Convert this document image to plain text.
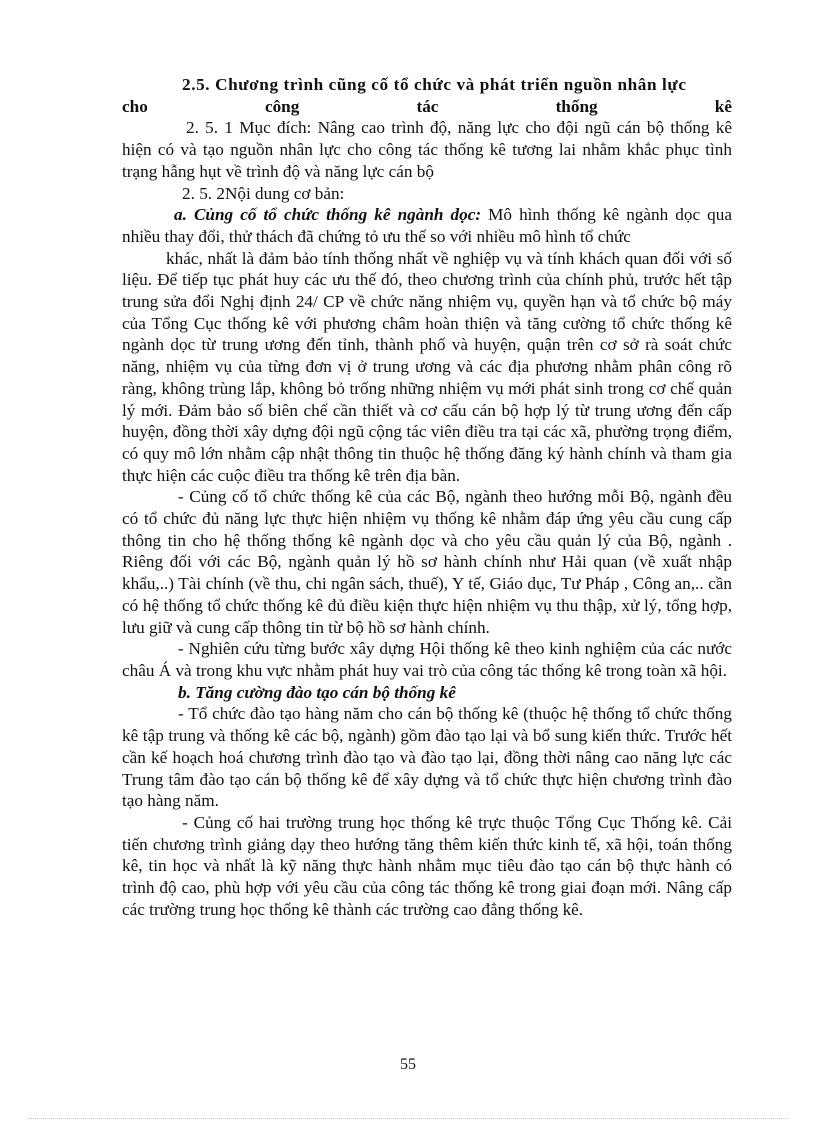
2.5. Chương trình cũng cố tổ chức và phát triển nguồn nhân lực
cho	công	tác	thống	kê

2. 5. 1 Mục đích: Nâng cao trình độ, năng lực cho đội ngũ cán bộ thống kê hiện có và tạo nguồn nhân lực cho công tác thống kê tương lai nhằm khắc phục tình trạng hẫng hụt về trình độ và năng lực cán bộ

2. 5. 2Nội dung cơ bản:

a. Củng cố tổ chức thống kê ngành dọc: Mô hình thống kê ngành dọc qua nhiều thay đổi, thử thách đã chứng tỏ ưu thế so với nhiều mô hình tổ chức

khác, nhất là đảm bảo tính thống nhất về nghiệp vụ và tính khách quan đối với số liệu. Để tiếp tục phát huy các ưu thế đó, theo chương trình của chính phủ, trước hết tập trung sửa đổi Nghị định 24/ CP về chức năng nhiệm vụ, quyền hạn và tổ chức bộ máy của Tổng Cục thống kê với phương châm hoàn thiện và tăng cường tổ chức thống kê ngành dọc từ trung ương đến tỉnh, thành phố và huyện, quận trên cơ sở rà soát chức năng, nhiệm vụ của từng đơn vị ở trung ương và các địa phương nhằm phân công rõ ràng, không trùng lắp, không bỏ trống những nhiệm vụ mới phát sinh trong cơ chế quản lý mới. Đảm bảo số biên chế cần thiết và cơ cấu cán bộ hợp lý từ trung ương đến cấp huyện, đồng thời xây dựng đội ngũ cộng tác viên điều tra tại các xã, phường trọng điểm, có quy mô lớn nhằm cập nhật thông tin thuộc hệ thống đăng ký hành chính và tham gia thực hiện các cuộc điều tra thống kê trên địa bàn.

- Củng cố tổ chức thống kê của các Bộ, ngành theo hướng mỗi Bộ, ngành đều có tổ chức đủ năng lực thực hiện nhiệm vụ thống kê nhằm đáp ứng yêu cầu cung cấp thông tin cho hệ thống thống kê ngành dọc và cho yêu cầu quản lý của Bộ, ngành . Riêng đối với các Bộ, ngành quản lý hồ sơ hành chính như Hải quan (về xuất nhập khẩu,..) Tài chính (về thu, chi ngân sách, thuế), Y tế, Giáo dục, Tư Pháp , Công an,.. cần có hệ thống tổ chức thống kê đủ điều kiện thực hiện nhiệm vụ thu thập, xử lý, tổng hợp, lưu giữ và cung cấp thông tin từ bộ hồ sơ hành chính.

- Nghiên cứu từng bước xây dựng Hội thống kê theo kinh nghiệm của các nước châu Á và trong khu vực nhằm phát huy vai trò của công tác thống kê trong toàn xã hội.

b. Tăng cường đào tạo cán bộ thống kê

- Tổ chức đào tạo hàng năm cho cán bộ thống kê (thuộc hệ thống tổ chức thống kê tập trung và thống kê các bộ, ngành) gồm đào tạo lại và bổ sung kiến thức. Trước hết cần kế hoạch hoá chương trình đào tạo và đào tạo lại, đồng thời nâng cao năng lực các Trung tâm đào tạo cán bộ thống kê để xây dựng và tổ chức thực hiện chương trình đào tạo hàng năm.

- Củng cố hai trường trung học thống kê trực thuộc Tổng Cục Thống kê. Cải tiến chương trình giảng dạy theo hướng tăng thêm kiến thức kinh tế, xã hội, toán thống kê, tin học và nhất là kỹ năng thực hành nhằm mục tiêu đào tạo cán bộ thực hành có trình độ cao, phù hợp với yêu cầu của công tác thống kê trong giai đoạn mới. Nâng cấp các trường trung học thống kê thành các trường cao đẳng thống kê.

55
